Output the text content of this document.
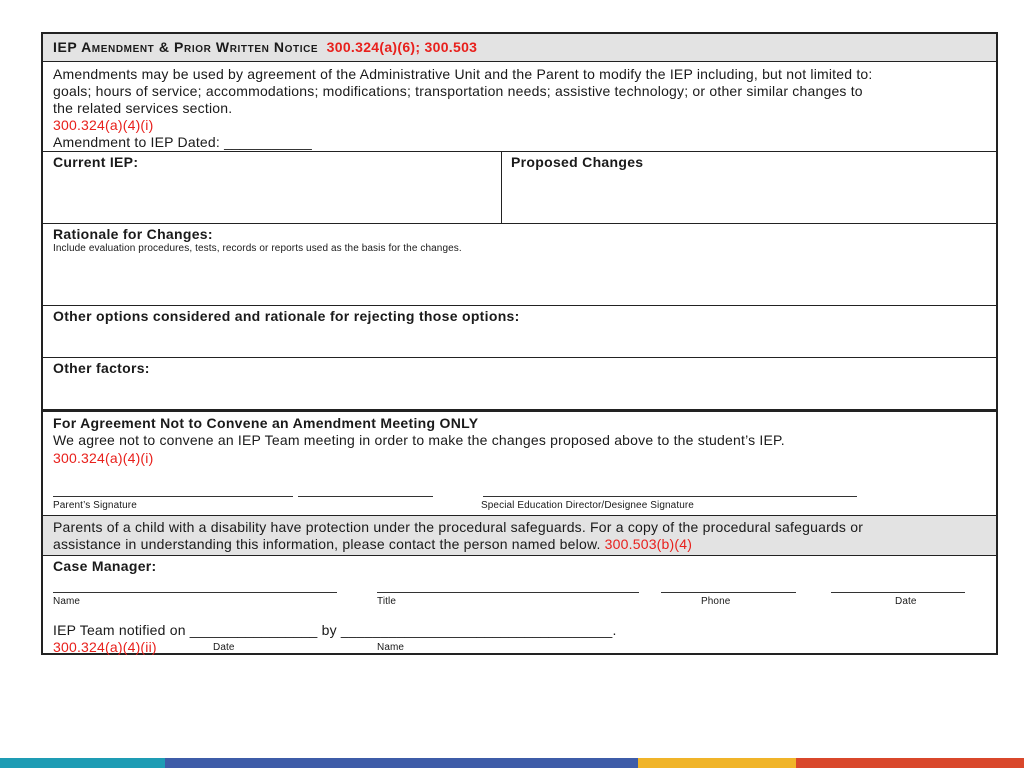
IEP Amendment & Prior Written Notice 300.324(a)(6); 300.503
Amendments may be used by agreement of the Administrative Unit and the Parent to modify the IEP including, but not limited to:
goals; hours of service; accommodations; modifications; transportation needs; assistive technology; or other similar changes to
the related services section.
300.324(a)(4)(i)
Amendment to IEP Dated: ___________
Current IEP:	Proposed Changes
Rationale for Changes:
Include evaluation procedures, tests, records or reports used as the basis for the changes.
Other options considered and rationale for rejecting those options:
Other factors:
For Agreement Not to Convene an Amendment Meeting ONLY
We agree not to convene an IEP Team meeting in order to make the changes proposed above to the student’s IEP.
300.324(a)(4)(i)
Parent’s Signature	Special Education Director/Designee Signature
Parents of a child with a disability have protection under the procedural safeguards. For a copy of the procedural safeguards or
assistance in understanding this information, please contact the person named below. 300.503(b)(4)
Case Manager:
Name	Title	Phone	Date
IEP Team notified on ________________ by __________________________________.
300.324(a)(4)(ii)	Date	Name
